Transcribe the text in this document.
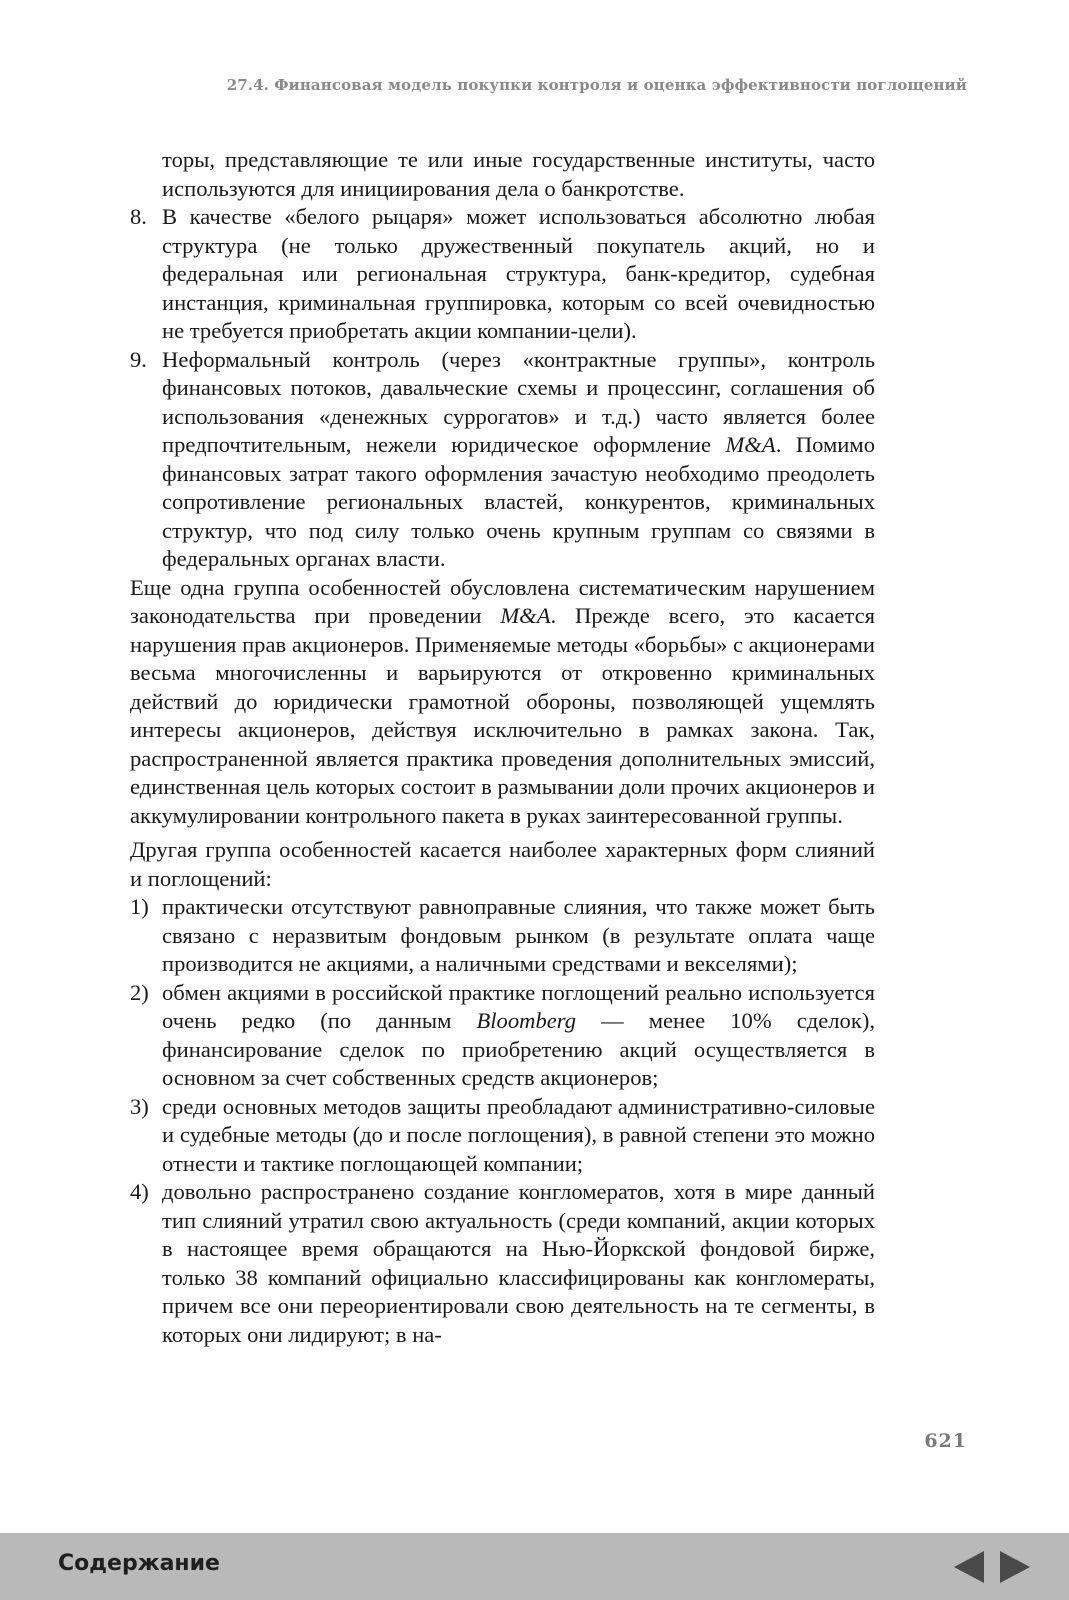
27.4. Финансовая модель покупки контроля и оценка эффективности поглощений

торы, представляющие те или иные государственные институты, часто используются для инициирования дела о банкротстве.

8. В качестве «белого рыцаря» может использоваться абсолютно любая структура (не только дружественный покупатель акций, но и федеральная или региональная структура, банк-кредитор, судебная инстанция, криминальная группировка, которым со всей очевидностью не требуется приобретать акции компании-цели).
9. Неформальный контроль (через «контрактные группы», контроль финансовых потоков, давальческие схемы и процессинг, соглашения об использования «денежных суррогатов» и т.д.) часто является более предпочтительным, нежели юридическое оформление M&A. Помимо финансовых затрат такого оформления зачастую необходимо преодолеть сопротивление региональных властей, конкурентов, криминальных структур, что под силу только очень крупным группам со связями в федеральных органах власти.

Еще одна группа особенностей обусловлена систематическим нарушением законодательства при проведении M&A. Прежде всего, это касается нарушения прав акционеров. Применяемые методы «борьбы» с акционерами весьма многочисленны и варьируются от откровенно криминальных действий до юридически грамотной обороны, позволяющей ущемлять интересы акционеров, действуя исключительно в рамках закона. Так, распространенной является практика проведения дополнительных эмиссий, единственная цель которых состоит в размывании доли прочих акционеров и аккумулировании контрольного пакета в руках заинтересованной группы.

Другая группа особенностей касается наиболее характерных форм слияний и поглощений:

1) практически отсутствуют равноправные слияния, что также может быть связано с неразвитым фондовым рынком (в результате оплата чаще производится не акциями, а наличными средствами и векселями);
2) обмен акциями в российской практике поглощений реально используется очень редко (по данным Bloomberg — менее 10% сделок), финансирование сделок по приобретению акций осуществляется в основном за счет собственных средств акционеров;
3) среди основных методов защиты преобладают административно-силовые и судебные методы (до и после поглощения), в равной степени это можно отнести и тактике поглощающей компании;
4) довольно распространено создание конгломератов, хотя в мире данный тип слияний утратил свою актуальность (среди компаний, акции которых в настоящее время обращаются на Нью-Йоркской фондовой бирже, только 38 компаний официально классифицированы как конгломераты, причем все они переориентировали свою деятельность на те сегменты, в которых они лидируют; в на-
621
Содержание
